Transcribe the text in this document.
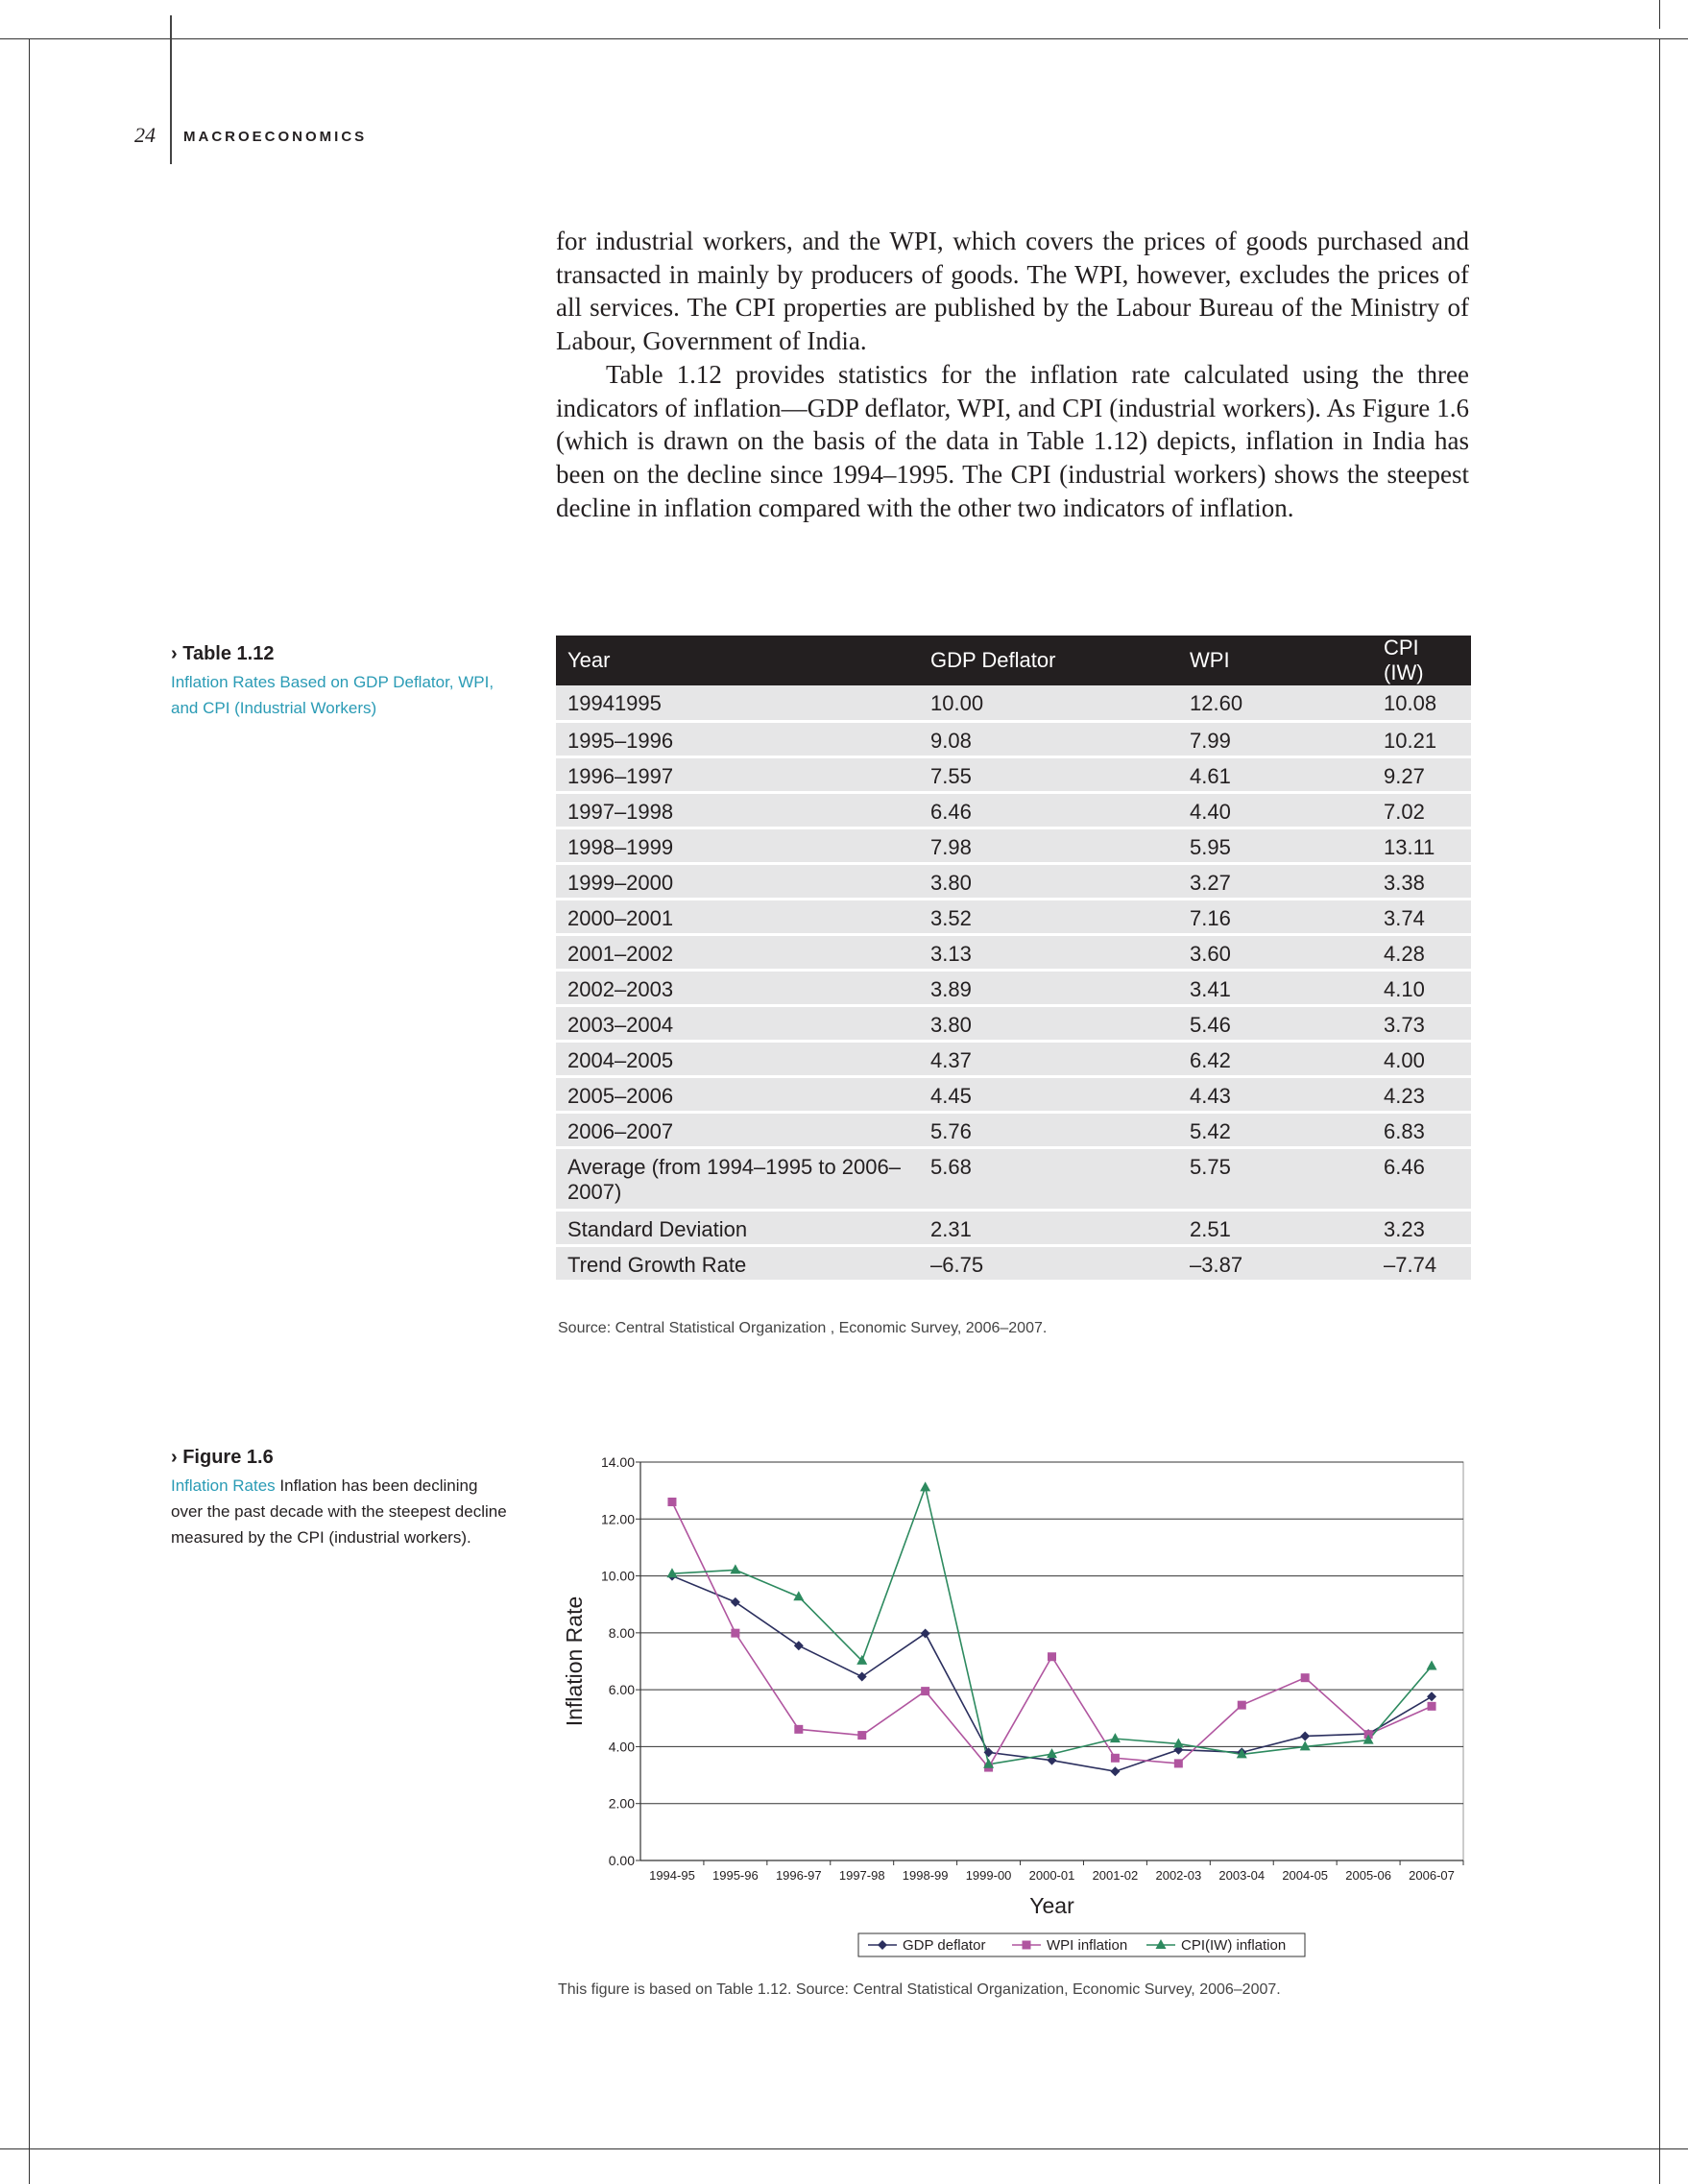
24 MACROECONOMICS

for industrial workers, and the WPI, which covers the prices of goods purchased and transacted in mainly by producers of goods. The WPI, however, excludes the prices of all services. The CPI properties are published by the Labour Bureau of the Ministry of Labour, Government of India.

Table 1.12 provides statistics for the inflation rate calculated using the three indicators of inflation—GDP deflator, WPI, and CPI (industrial workers). As Figure 1.6 (which is drawn on the basis of the data in Table 1.12) depicts, inflation in India has been on the decline since 1994–1995. The CPI (industrial workers) shows the steepest decline in inflation compared with the other two indicators of inflation.

› Table 1.12
Inflation Rates Based on GDP Deflator, WPI, and CPI (Industrial Workers)
Year	GDP Deflator	WPI	CPI (IW)
19941995	10.00	12.60	10.08
1995–1996	9.08	7.99	10.21
1996–1997	7.55	4.61	9.27
1997–1998	6.46	4.40	7.02
1998–1999	7.98	5.95	13.11
1999–2000	3.80	3.27	3.38
2000–2001	3.52	7.16	3.74
2001–2002	3.13	3.60	4.28
2002–2003	3.89	3.41	4.10
2003–2004	3.80	5.46	3.73
2004–2005	4.37	6.42	4.00
2005–2006	4.45	4.43	4.23
2006–2007	5.76	5.42	6.83
Average (from 1994–1995 to 2006–2007)	5.68	5.75	6.46
Standard Deviation	2.31	2.51	3.23
Trend Growth Rate	–6.75	–3.87	–7.74
Source: Central Statistical Organization , Economic Survey, 2006–2007.
› Figure 1.6
Inflation Rates Inflation has been declining over the past decade with the steepest decline measured by the CPI (industrial workers).
0.00
2.00
4.00
6.00
8.00
10.00
12.00
14.00
1994-95 1995-96 1996-97 1997-98 1998-99 1999-00 2000-01 2001-02 2002-03 2003-04 2004-05 2005-06 2006-07
Year
Inflation Rate
GDP deflator	WPI inflation	CPI(IW) inflation
This figure is based on Table 1.12. Source: Central Statistical Organization, Economic Survey, 2006–2007.
